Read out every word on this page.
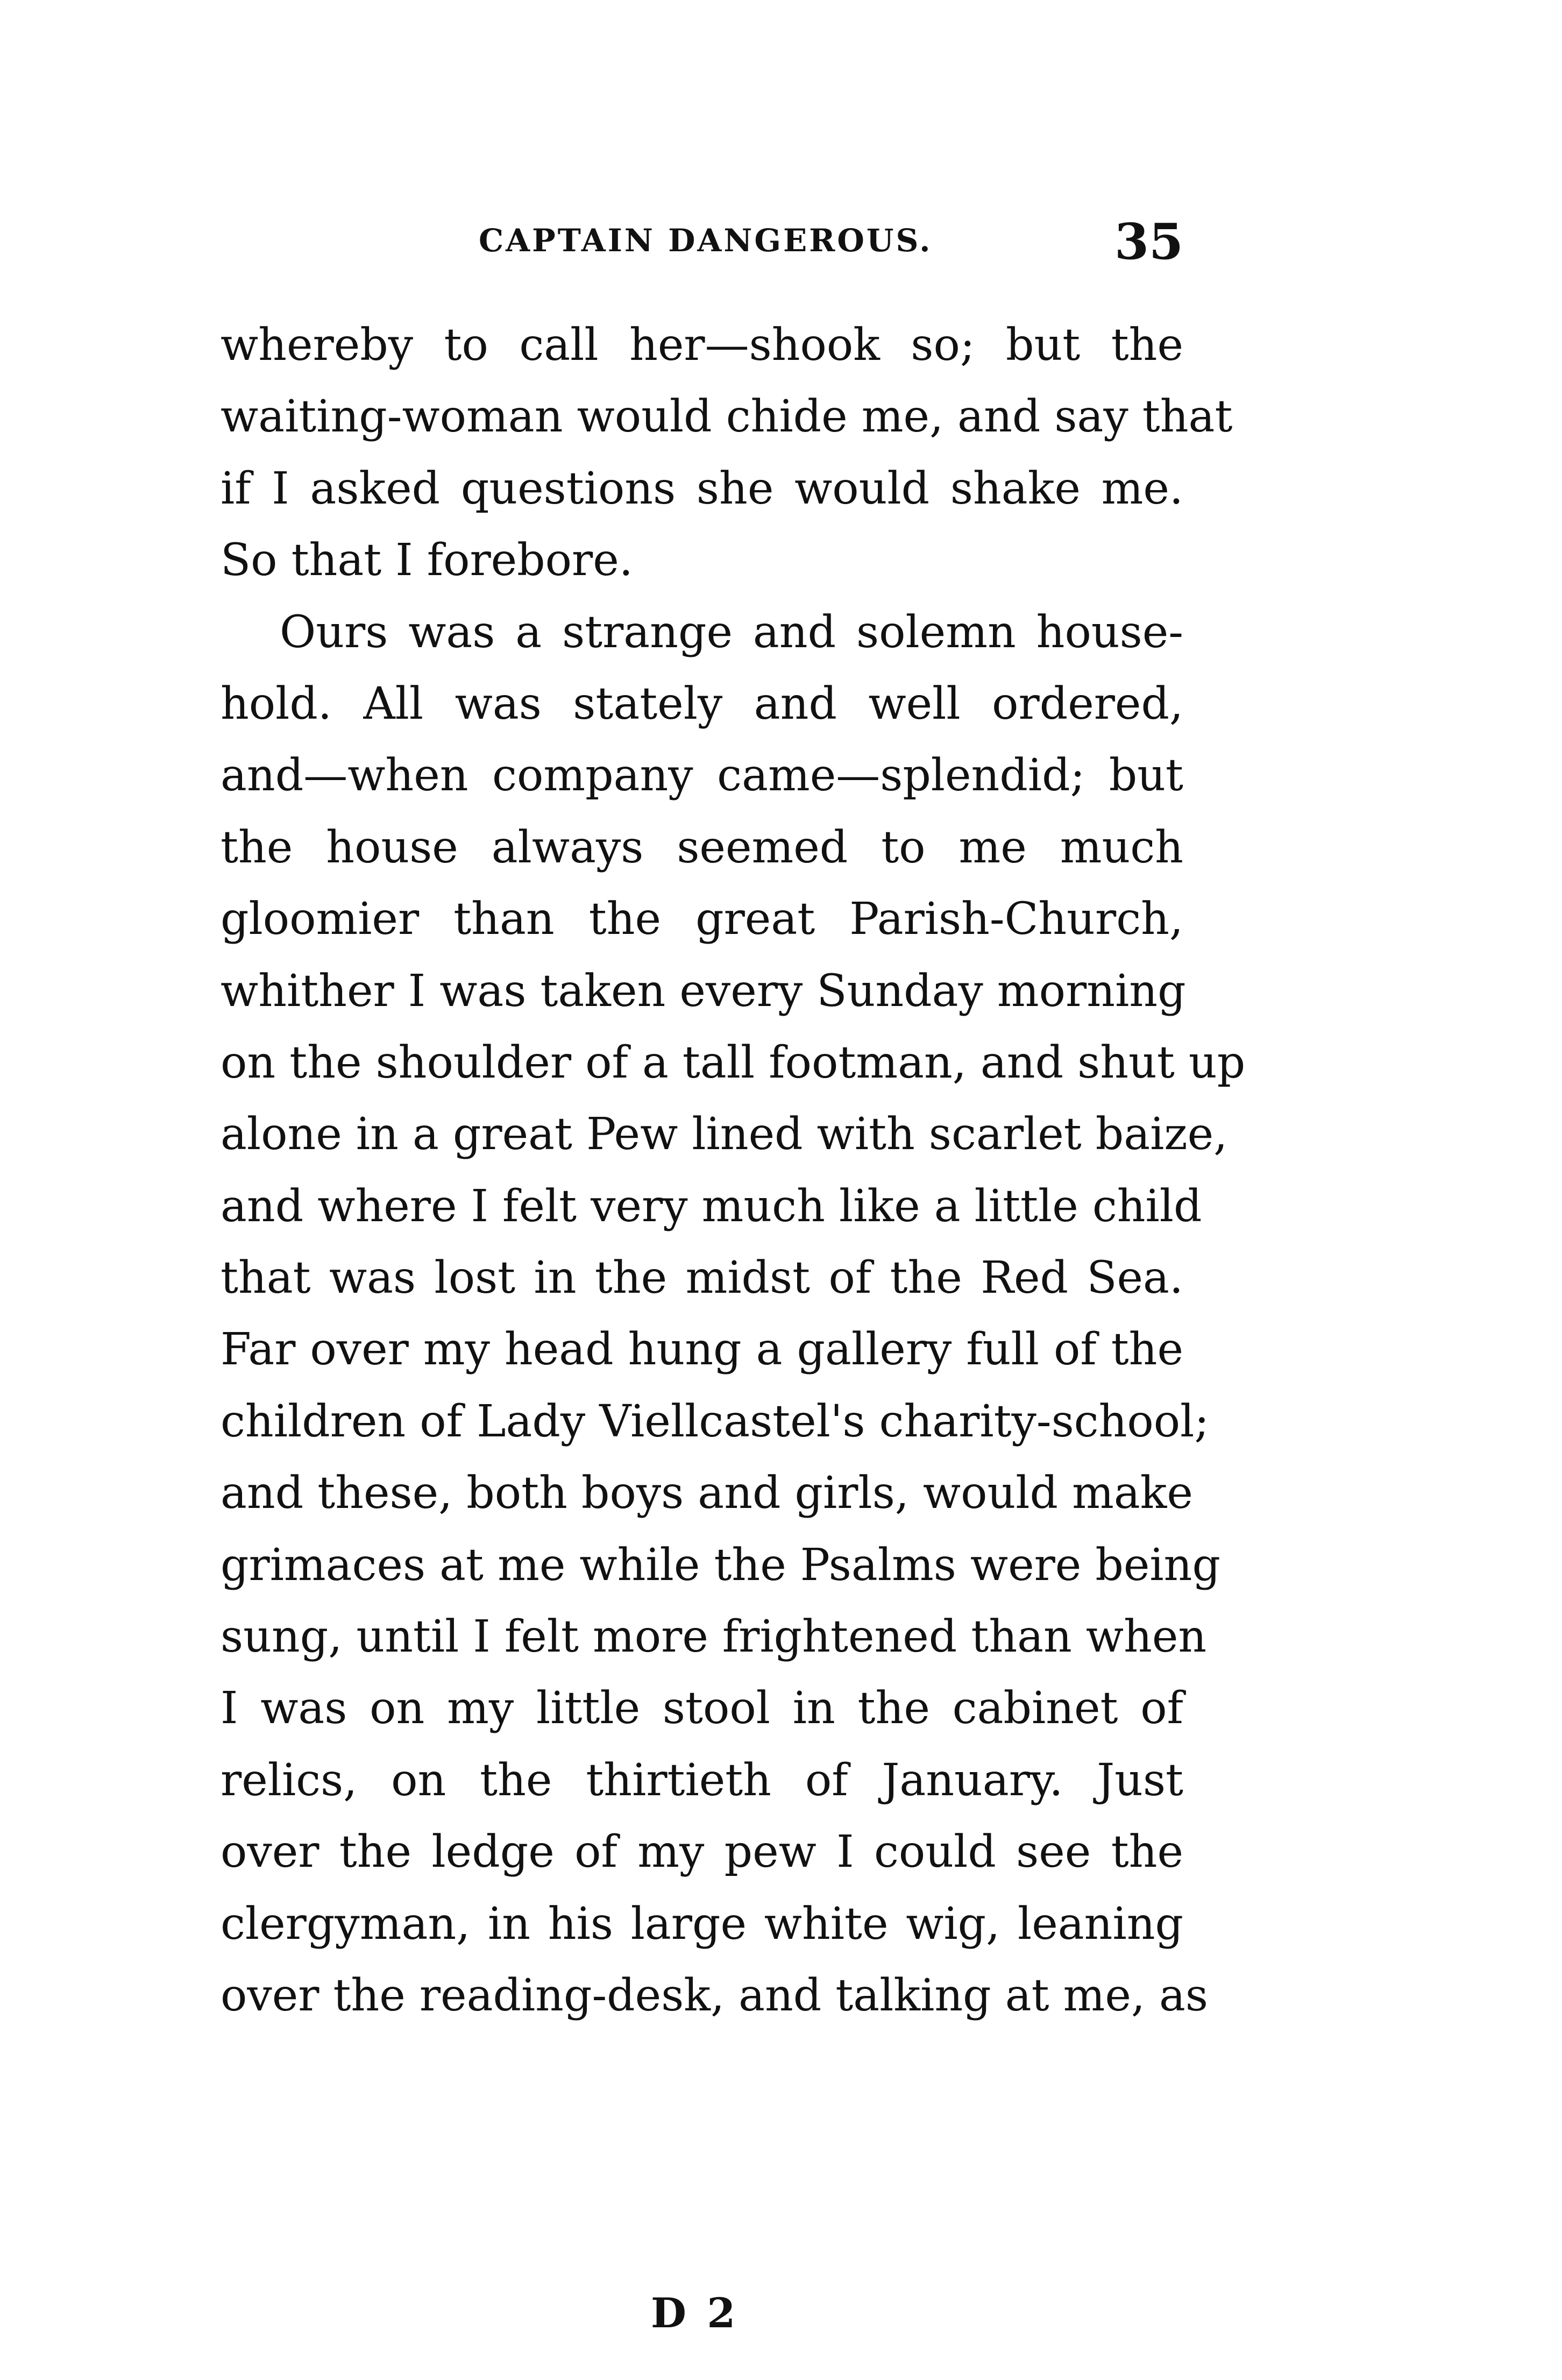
CAPTAIN DANGEROUS.	35
whereby to call her—shook so; but the
waiting-woman would chide me, and say that
if I asked questions she would shake me.
So that I forebore.
Ours was a strange and solemn house-
hold. All was stately and well ordered,
and—when company came—splendid; but
the house always seemed to me much
gloomier than the great Parish-Church,
whither I was taken every Sunday morning
on the shoulder of a tall footman, and shut up
alone in a great Pew lined with scarlet baize,
and where I felt very much like a little child
that was lost in the midst of the Red Sea.
Far over my head hung a gallery full of the
children of Lady Viellcastel's charity-school;
and these, both boys and girls, would make
grimaces at me while the Psalms were being
sung, until I felt more frightened than when
I was on my little stool in the cabinet of
relics, on the thirtieth of January. Just
over the ledge of my pew I could see the
clergyman, in his large white wig, leaning
over the reading-desk, and talking at me, as
D 2
